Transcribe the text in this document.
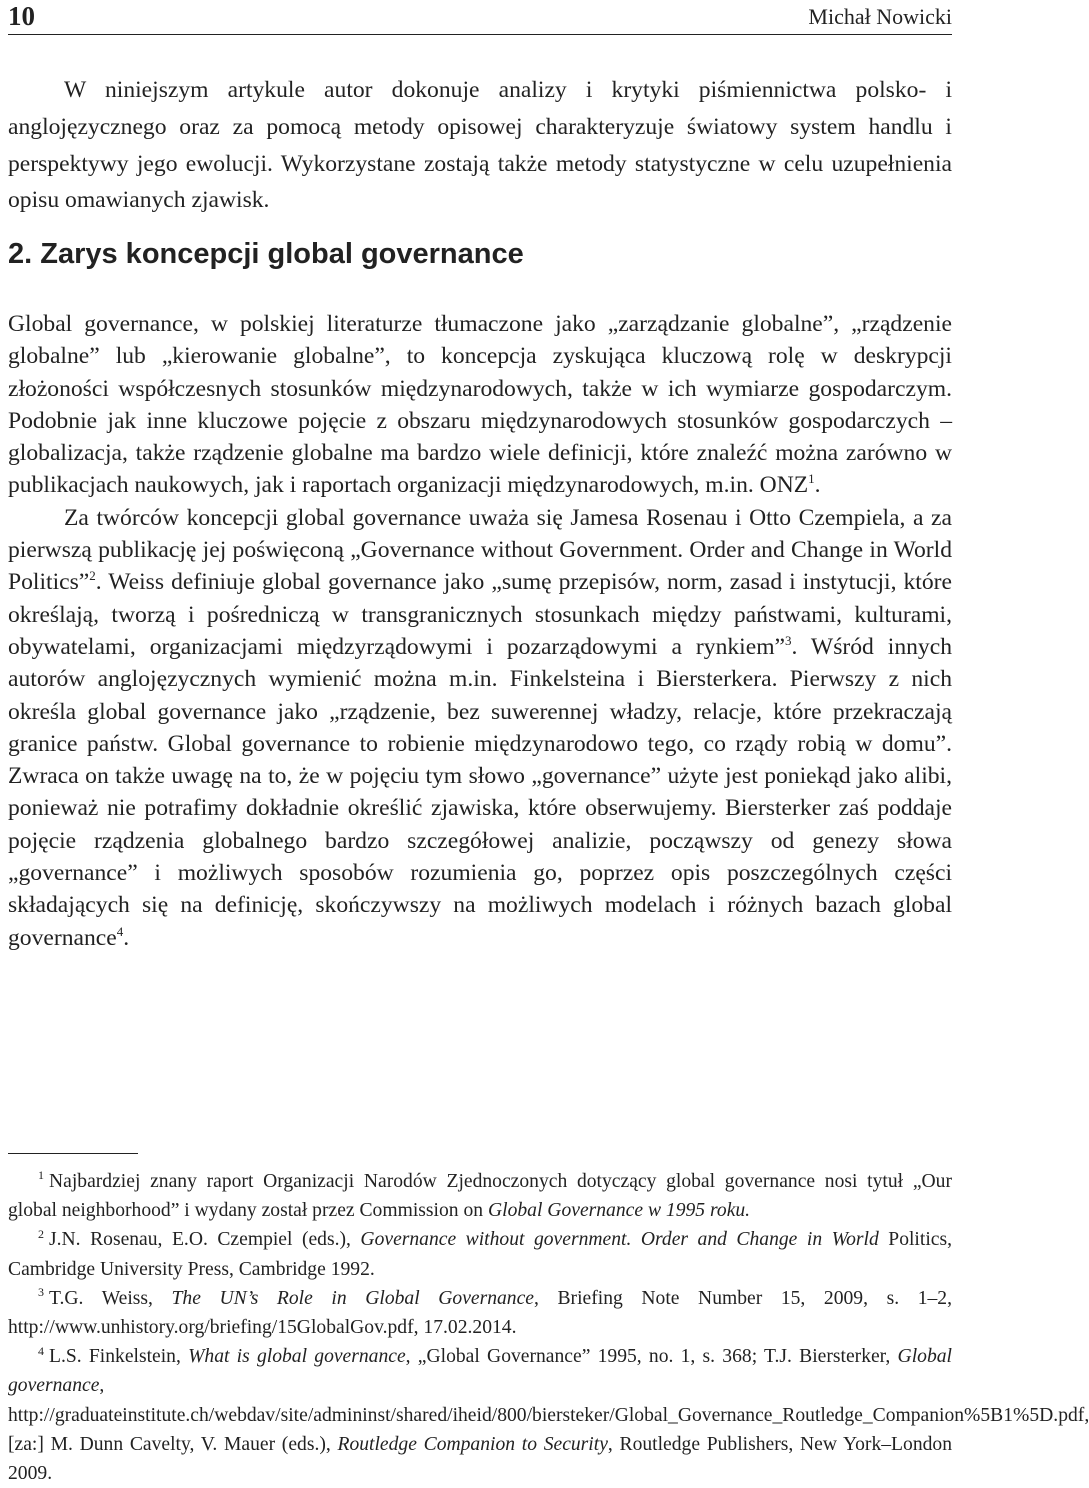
10	Michał Nowicki

W niniejszym artykule autor dokonuje analizy i krytyki piśmiennictwa polsko- i anglojęzycznego oraz za pomocą metody opisowej charakteryzuje światowy system handlu i perspektywy jego ewolucji. Wykorzystane zostają także metody statystyczne w celu uzupełnienia opisu omawianych zjawisk.

2. Zarys koncepcji global governance

Global governance, w polskiej literaturze tłumaczone jako „zarządzanie globalne”, „rządzenie globalne” lub „kierowanie globalne”, to koncepcja zyskująca kluczową rolę w deskrypcji złożoności współczesnych stosunków międzynarodowych, także w ich wymiarze gospodarczym. Podobnie jak inne kluczowe pojęcie z obszaru międzynarodowych stosunków gospodarczych – globalizacja, także rządzenie globalne ma bardzo wiele definicji, które znaleźć można zarówno w publikacjach naukowych, jak i raportach organizacji międzynarodowych, m.in. ONZ$^1$.

Za twórców koncepcji global governance uważa się Jamesa Rosenau i Otto Czempiela, a za pierwszą publikację jej poświęconą „Governance without Government. Order and Change in World Politics”$^2$. Weiss definiuje global governance jako „sumę przepisów, norm, zasad i instytucji, które określają, tworzą i pośredniczą w transgranicznych stosunkach między państwami, kulturami, obywatelami, organizacjami międzyrządowymi i pozarządowymi a rynkiem”$^3$. Wśród innych autorów anglojęzycznych wymienić można m.in. Finkelsteina i Biersterkera. Pierwszy z nich określa global governance jako „rządzenie, bez suwerennej władzy, relacje, które przekraczają granice państw. Global governance to robienie międzynarodowo tego, co rządy robią w domu”. Zwraca on także uwagę na to, że w pojęciu tym słowo „governance” użyte jest poniekąd jako alibi, ponieważ nie potrafimy dokładnie określić zjawiska, które obserwujemy. Biersterker zaś poddaje pojęcie rządzenia globalnego bardzo szczegółowej analizie, począwszy od genezy słowa „governance” i możliwych sposobów rozumienia go, poprzez opis poszczególnych części składających się na definicję, skończywszy na możliwych modelach i różnych bazach global governance$^4$.

$^1$ Najbardziej znany raport Organizacji Narodów Zjednoczonych dotyczący global governance nosi tytuł „Our global neighborhood” i wydany został przez Commission on Global Governance w 1995 roku.

$^2$ J.N. Rosenau, E.O. Czempiel (eds.), Governance without government. Order and Change in World Politics, Cambridge University Press, Cambridge 1992.

$^3$ T.G. Weiss, The UN’s Role in Global Governance, Briefing Note Number 15, 2009, s. 1–2, http://www.unhistory.org/briefing/15GlobalGov.pdf, 17.02.2014.

$^4$ L.S. Finkelstein, What is global governance, „Global Governance” 1995, no. 1, s. 368; T.J. Biersterker, Global governance, http://graduateinstitute.ch/webdav/site/admininst/shared/iheid/800/biersteker/Global_Governance_Routledge_Companion%5B1%5D.pdf, [za:] M. Dunn Cavelty, V. Mauer (eds.), Routledge Companion to Security, Routledge Publishers, New York–London 2009.
